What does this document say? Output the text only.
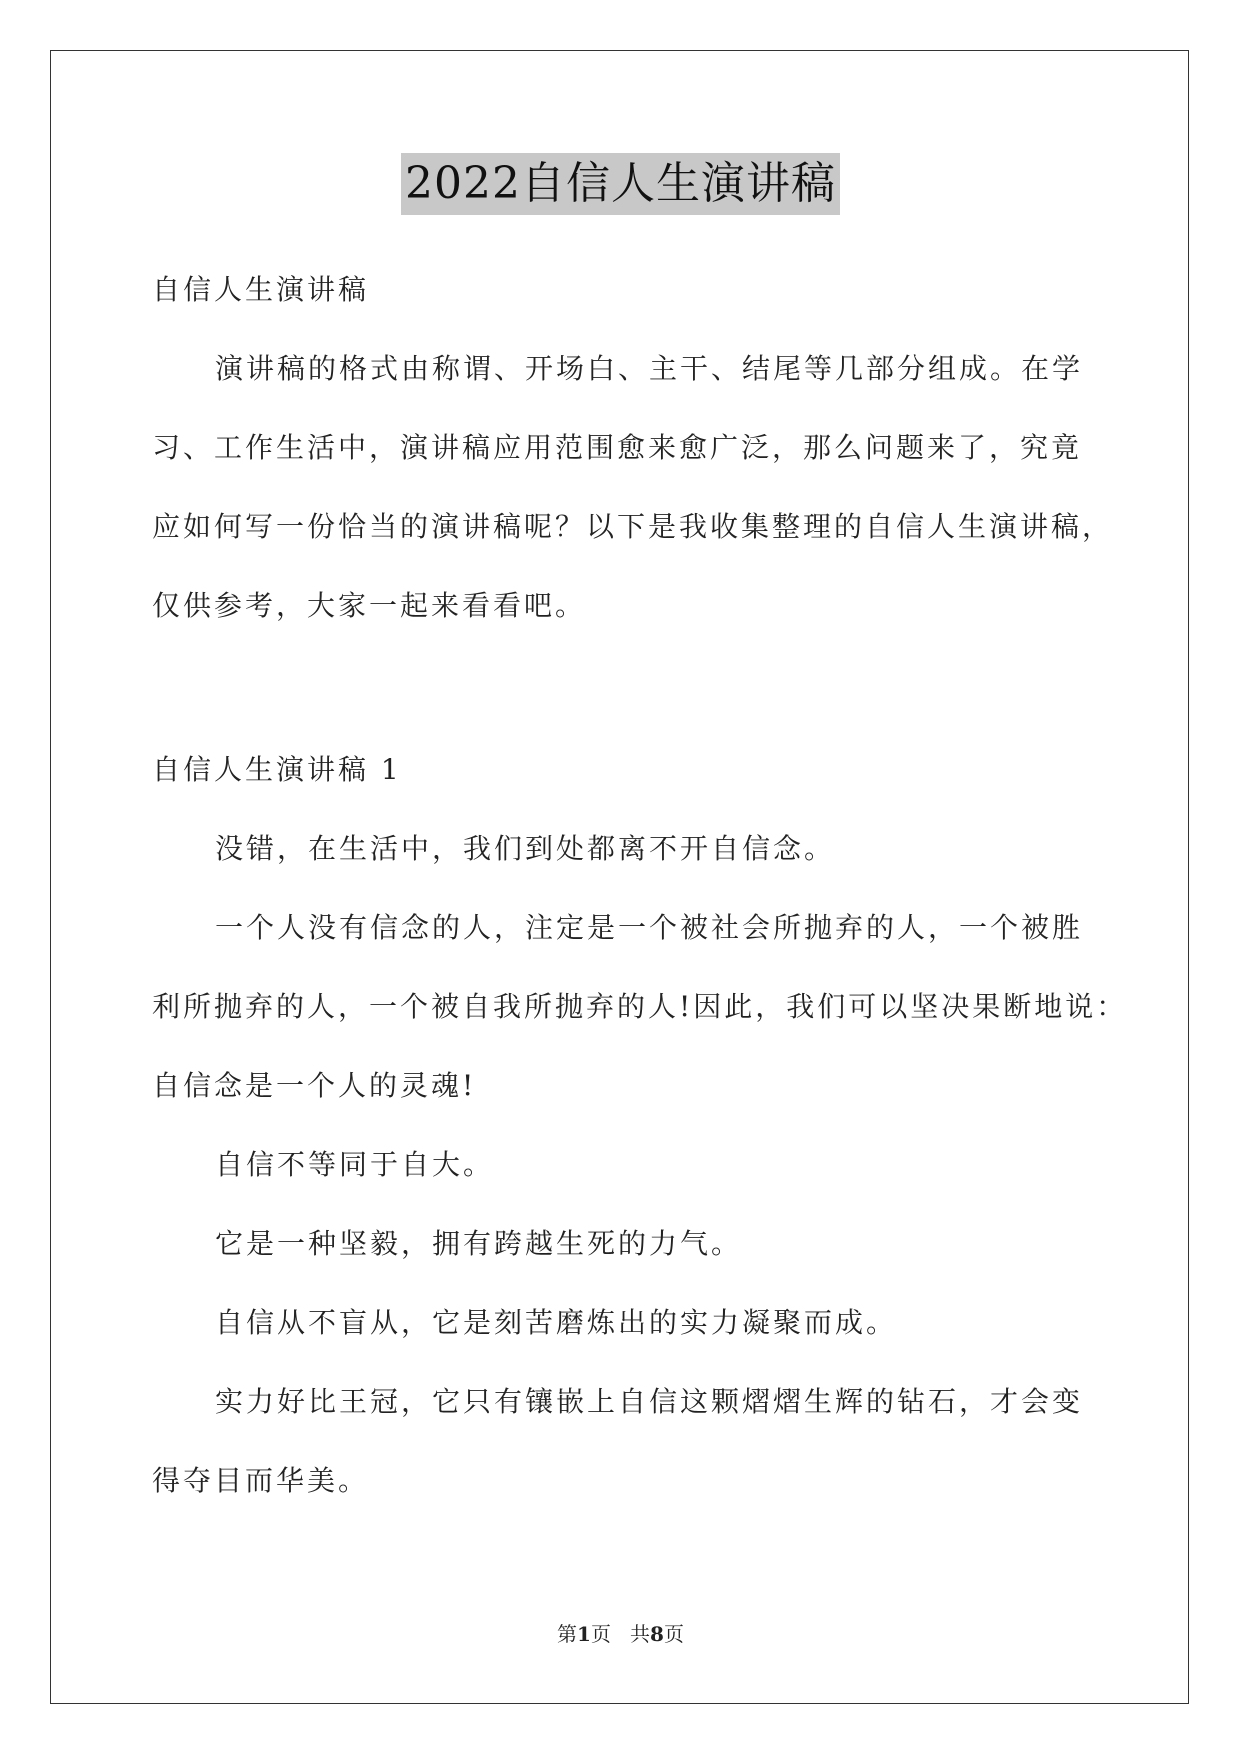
2022自信人生演讲稿
自信人生演讲稿
演讲稿的格式由称谓、开场白、主干、结尾等几部分组成。在学
习、工作生活中，演讲稿应用范围愈来愈广泛，那么问题来了，究竟
应如何写一份恰当的演讲稿呢？以下是我收集整理的自信人生演讲稿，
仅供参考，大家一起来看看吧。
自信人生演讲稿 1
没错，在生活中，我们到处都离不开自信念。
一个人没有信念的人，注定是一个被社会所抛弃的人，一个被胜
利所抛弃的人，一个被自我所抛弃的人!因此，我们可以坚决果断地说：
自信念是一个人的灵魂!
自信不等同于自大。
它是一种坚毅，拥有跨越生死的力气。
自信从不盲从，它是刻苦磨炼出的实力凝聚而成。
实力好比王冠，它只有镶嵌上自信这颗熠熠生辉的钻石，才会变
得夺目而华美。
第1页 共8页
